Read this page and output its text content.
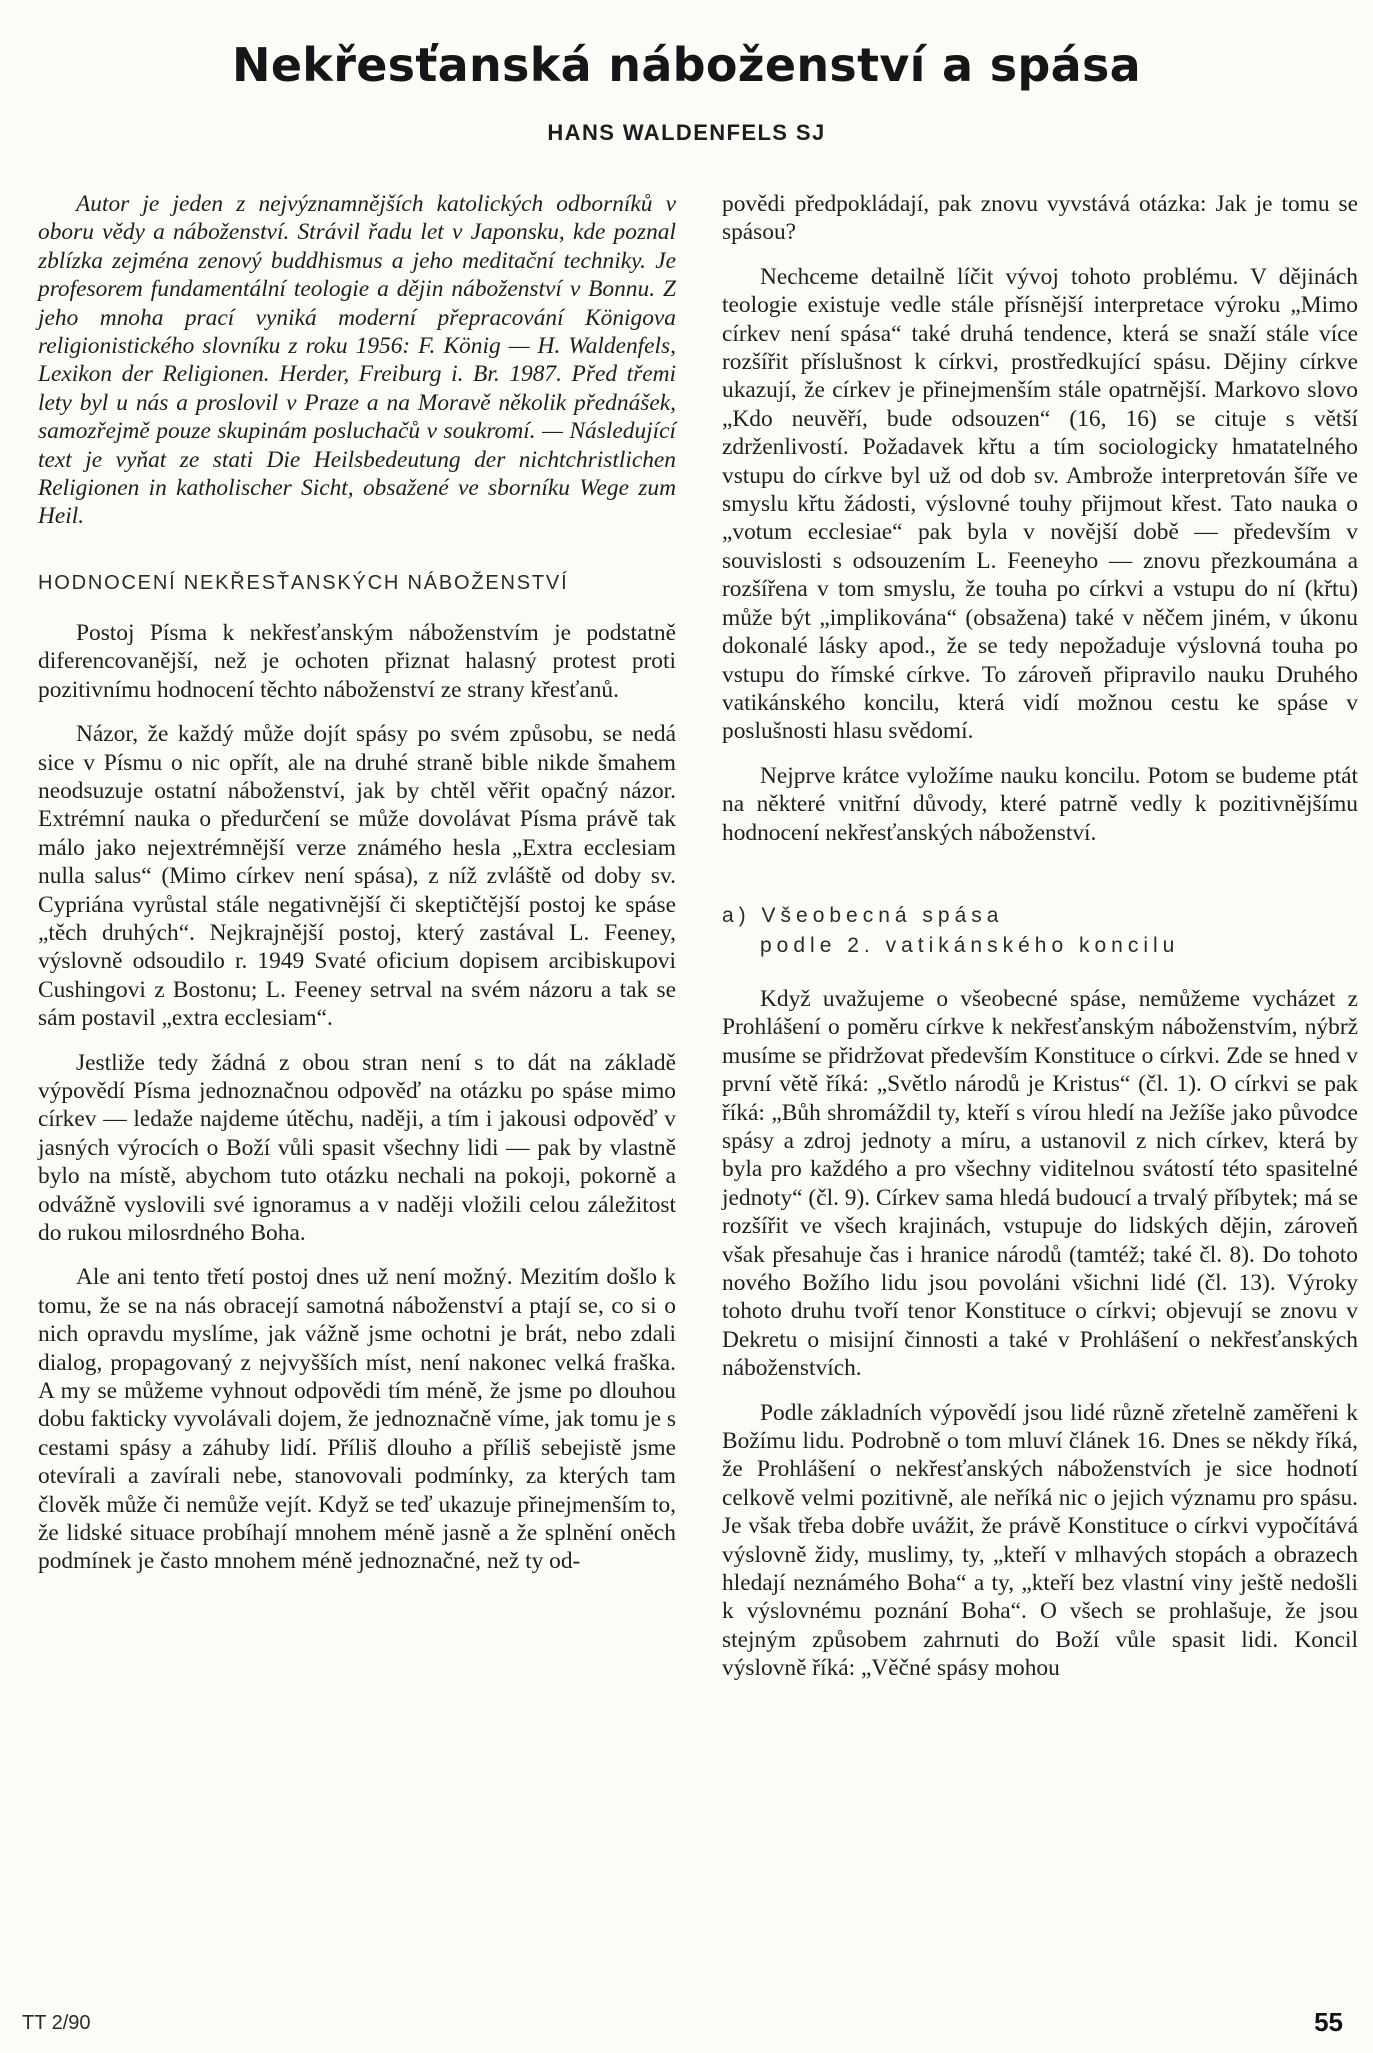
Nekřesťanská náboženství a spása
HANS WALDENFELS SJ

Autor je jeden z nejvýznamnějších katolických odborníků v oboru vědy a náboženství. Strávil řadu let v Japonsku, kde poznal zblízka zejména zenový buddhismus a jeho meditační techniky. Je profesorem fundamentální teologie a dějin náboženství v Bonnu. Z jeho mnoha prací vyniká moderní přepracování Königova religionistického slovníku z roku 1956: F. König — H. Waldenfels, Lexikon der Religionen. Herder, Freiburg i. Br. 1987. Před třemi lety byl u nás a proslovil v Praze a na Moravě několik přednášek, samozřejmě pouze skupinám posluchačů v soukromí. — Následující text je vyňat ze stati Die Heilsbedeutung der nichtchristlichen Religionen in katholischer Sicht, obsažené ve sborníku Wege zum Heil.

HODNOCENÍ NEKŘESŤANSKÝCH NÁBOŽENSTVÍ

Postoj Písma k nekřesťanským náboženstvím je podstatně diferencovanější, než je ochoten přiznat halasný protest proti pozitivnímu hodnocení těchto náboženství ze strany křesťanů.

Názor, že každý může dojít spásy po svém způsobu, se nedá sice v Písmu o nic opřít, ale na druhé straně bible nikde šmahem neodsuzuje ostatní náboženství, jak by chtěl věřit opačný názor. Extrémní nauka o předurčení se může dovolávat Písma právě tak málo jako nejextrémnější verze známého hesla „Extra ecclesiam nulla salus“ (Mimo církev není spása), z níž zvláště od doby sv. Cypriána vyrůstal stále negativnější či skeptičtější postoj ke spáse „těch druhých“. Nejkrajnější postoj, který zastával L. Feeney, výslovně odsoudilo r. 1949 Svaté oficium dopisem arcibiskupovi Cushingovi z Bostonu; L. Feeney setrval na svém názoru a tak se sám postavil „extra ecclesiam“.

Jestliže tedy žádná z obou stran není s to dát na základě výpovědí Písma jednoznačnou odpověď na otázku po spáse mimo církev — ledaže najdeme útěchu, naději, a tím i jakousi odpověď v jasných výrocích o Boží vůli spasit všechny lidi — pak by vlastně bylo na místě, abychom tuto otázku nechali na pokoji, pokorně a odvážně vyslovili své ignoramus a v naději vložili celou záležitost do rukou milosrdného Boha.

Ale ani tento třetí postoj dnes už není možný. Mezitím došlo k tomu, že se na nás obracejí samotná náboženství a ptají se, co si o nich opravdu myslíme, jak vážně jsme ochotni je brát, nebo zdali dialog, propagovaný z nejvyšších míst, není nakonec velká fraška. A my se můžeme vyhnout odpovědi tím méně, že jsme po dlouhou dobu fakticky vyvolávali dojem, že jednoznačně víme, jak tomu je s cestami spásy a záhuby lidí. Příliš dlouho a příliš sebejistě jsme otevírali a zavírali nebe, stanovovali podmínky, za kterých tam člověk může či nemůže vejít. Když se teď ukazuje přinejmenším to, že lidské situace probíhají mnohem méně jasně a že splnění oněch podmínek je často mnohem méně jednoznačné, než ty od-

povědi předpokládají, pak znovu vyvstává otázka: Jak je tomu se spásou?

Nechceme detailně líčit vývoj tohoto problému. V dějinách teologie existuje vedle stále přísnější interpretace výroku „Mimo církev není spása“ také druhá tendence, která se snaží stále více rozšířit příslušnost k církvi, prostředkující spásu. Dějiny církve ukazují, že církev je přinejmenším stále opatrnější. Markovo slovo „Kdo neuvěří, bude odsouzen“ (16, 16) se cituje s větší zdrženlivostí. Požadavek křtu a tím sociologicky hmatatelného vstupu do církve byl už od dob sv. Ambrože interpretován šíře ve smyslu křtu žádosti, výslovné touhy přijmout křest. Tato nauka o „votum ecclesiae“ pak byla v novější době — především v souvislosti s odsouzením L. Feeneyho — znovu přezkoumána a rozšířena v tom smyslu, že touha po církvi a vstupu do ní (křtu) může být „implikována“ (obsažena) také v něčem jiném, v úkonu dokonalé lásky apod., že se tedy nepožaduje výslovná touha po vstupu do římské církve. To zároveň připravilo nauku Druhého vatikánského koncilu, která vidí možnou cestu ke spáse v poslušnosti hlasu svědomí.

Nejprve krátce vyložíme nauku koncilu. Potom se budeme ptát na některé vnitřní důvody, které patrně vedly k pozitivnějšímu hodnocení nekřesťanských náboženství.

a) Všeobecná spása
podle 2. vatikánského koncilu

Když uvažujeme o všeobecné spáse, nemůžeme vycházet z Prohlášení o poměru církve k nekřesťanským náboženstvím, nýbrž musíme se přidržovat především Konstituce o církvi. Zde se hned v první větě říká: „Světlo národů je Kristus“ (čl. 1). O církvi se pak říká: „Bůh shromáždil ty, kteří s vírou hledí na Ježíše jako původce spásy a zdroj jednoty a míru, a ustanovil z nich církev, která by byla pro každého a pro všechny viditelnou svátostí této spasitelné jednoty“ (čl. 9). Církev sama hledá budoucí a trvalý příbytek; má se rozšířit ve všech krajinách, vstupuje do lidských dějin, zároveň však přesahuje čas i hranice národů (tamtéž; také čl. 8). Do tohoto nového Božího lidu jsou povoláni všichni lidé (čl. 13). Výroky tohoto druhu tvoří tenor Konstituce o církvi; objevují se znovu v Dekretu o misijní činnosti a také v Prohlášení o nekřesťanských náboženstvích.

Podle základních výpovědí jsou lidé různě zřetelně zaměřeni k Božímu lidu. Podrobně o tom mluví článek 16. Dnes se někdy říká, že Prohlášení o nekřesťanských náboženstvích je sice hodnotí celkově velmi pozitivně, ale neříká nic o jejich významu pro spásu. Je však třeba dobře uvážit, že právě Konstituce o církvi vypočítává výslovně židy, muslimy, ty, „kteří v mlhavých stopách a obrazech hledají neznámého Boha“ a ty, „kteří bez vlastní viny ještě nedošli k výslovnému poznání Boha“. O všech se prohlašuje, že jsou stejným způsobem zahrnuti do Boží vůle spasit lidi. Koncil výslovně říká: „Věčné spásy mohou

TT 2/90	55
